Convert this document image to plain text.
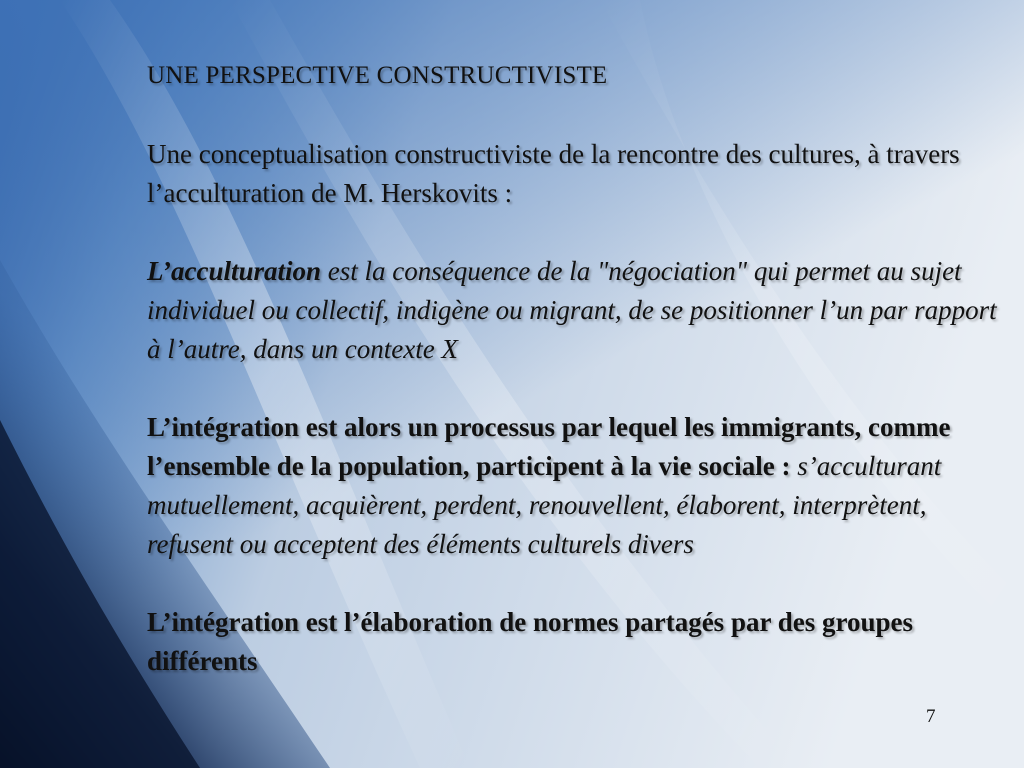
UNE PERSPECTIVE CONSTRUCTIVISTE

Une conceptualisation constructiviste de la rencontre des cultures, à travers l’acculturation de M. Herskovits :

L’acculturation est la conséquence de la "négociation" qui permet au sujet individuel ou collectif, indigène ou migrant, de se positionner l’un par rapport à l’autre, dans un contexte X

L’intégration est alors un processus par lequel les immigrants, comme l’ensemble de la population, participent à la vie sociale : s’acculturant mutuellement, acquièrent, perdent, renouvellent, élaborent, interprètent, refusent ou acceptent des éléments culturels divers

L’intégration est l’élaboration de normes partagés par des groupes différents

7
